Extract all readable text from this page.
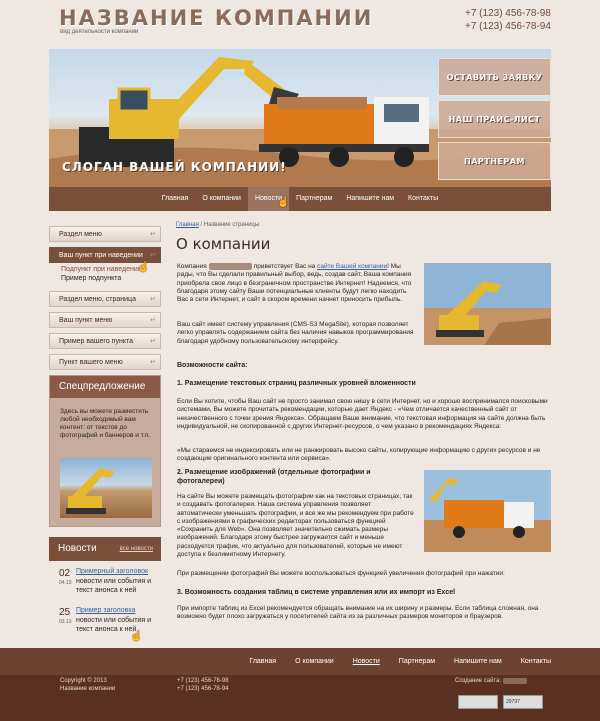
НАЗВАНИЕ КОМПАНИИ
вид деятельности компании
+7 (123) 456-78-98
+7 (123) 456-78-94
СЛОГАН ВАШЕЙ КОМПАНИИ!
ОСТАВИТЬ ЗАЯВКУ
НАШ ПРАЙС-ЛИСТ
ПАРТНЕРАМ
Главная	О компании	Новости	Партнерам	Напишите нам	Контакты
☝
Раздел меню ↵
Ваш пункт при наведении ↵
Подпункт при наведении
Пример подпункта
Раздел меню, страница ↵
Ваш пункт меню ↵
Пример вашего пункта ↵
Пункт вашего меню ↵
☝
Спецпредложение
Здесь вы можете разместить любой необходимый вам контент: от текстов до фотографий и баннеров и т.п.
Новости	все новости
02
04.13
Примерный заголовок
новости или события и текст анонса к ней
25
03.13
Пример заголовка
новости или события и текст анонса к ней
☝
Главная / Название страницы
О компании
Компания	приветствует Вас на сайте Вашей компании! Мы рады, что Вы сделали правильный выбор, ведь, создав сайт, Ваша компания приобрела свое лицо в безграничном пространстве Интернет! Надеемся, что благодаря этому сайту Ваши потенциальные клиенты будут легко находить Вас в сети Интернет, и сайт в скором времени начнет приносить прибыль.
Ваш сайт имеет систему управления (CMS-S3 MegaSite), которая позволяет легко управлять содержанием сайта без наличия навыков программирования благодаря удобному пользовательскому интерфейсу.
Возможности сайта:
1. Размещение текстовых страниц различных уровней вложенности
Если Вы хотите, чтобы Ваш сайт не просто занимал свою нишу в сети Интернет, но и хорошо воспринимался поисковыми системами, Вы можете прочитать рекомендации, которые дает Яндекс - «Чем отличается качественный сайт от некачественного с точки зрения Яндекса». Обращаем Ваше внимание, что текстовая информация на сайте должна быть индивидуальной, не скопированной с других Интернет-ресурсов, о чем указано в рекомендациях Яндекса:
«Мы стараемся не индексировать или не ранжировать высоко сайты, копирующие информацию с других ресурсов и не создающие оригинального контента или сервиса».
2. Размещение изображений (отдельные фотографии и фотогалереи)
На сайте Вы можете размещать фотографии как на текстовых страницах, так и создавать фотогалереи. Наша система управления позволяет автоматически уменьшать фотографии, и все же мы рекомендуем при работе с изображениями в графических редакторах пользоваться функцией «Сохранить для Web». Она позволяет значительно сжимать размеры изображений. Благодаря этому быстрее загружается сайт и меньше расходуется трафик, что актуально для пользователей, которые не имеют доступа к безлимитному Интернету.
При размещении фотографий Вы можете воспользоваться функцией увеличения фотографий при нажатии:
3. Возможность создания таблиц в системе управления или их импорт из Excel
При импорте таблиц из Excel рекомендуется обращать внимание на их ширину и размеры. Если таблица сложная, она возможно будет плохо загружаться у посетителей сайта из за различных размеров мониторов и браузеров.
Главная	О компании	Новости	Партнерам	Напишите нам	Контакты
Copyright © 2013
Название компании
+7 (123) 456-78-98
+7 (123) 456-78-94
Создание сайта:
29797
